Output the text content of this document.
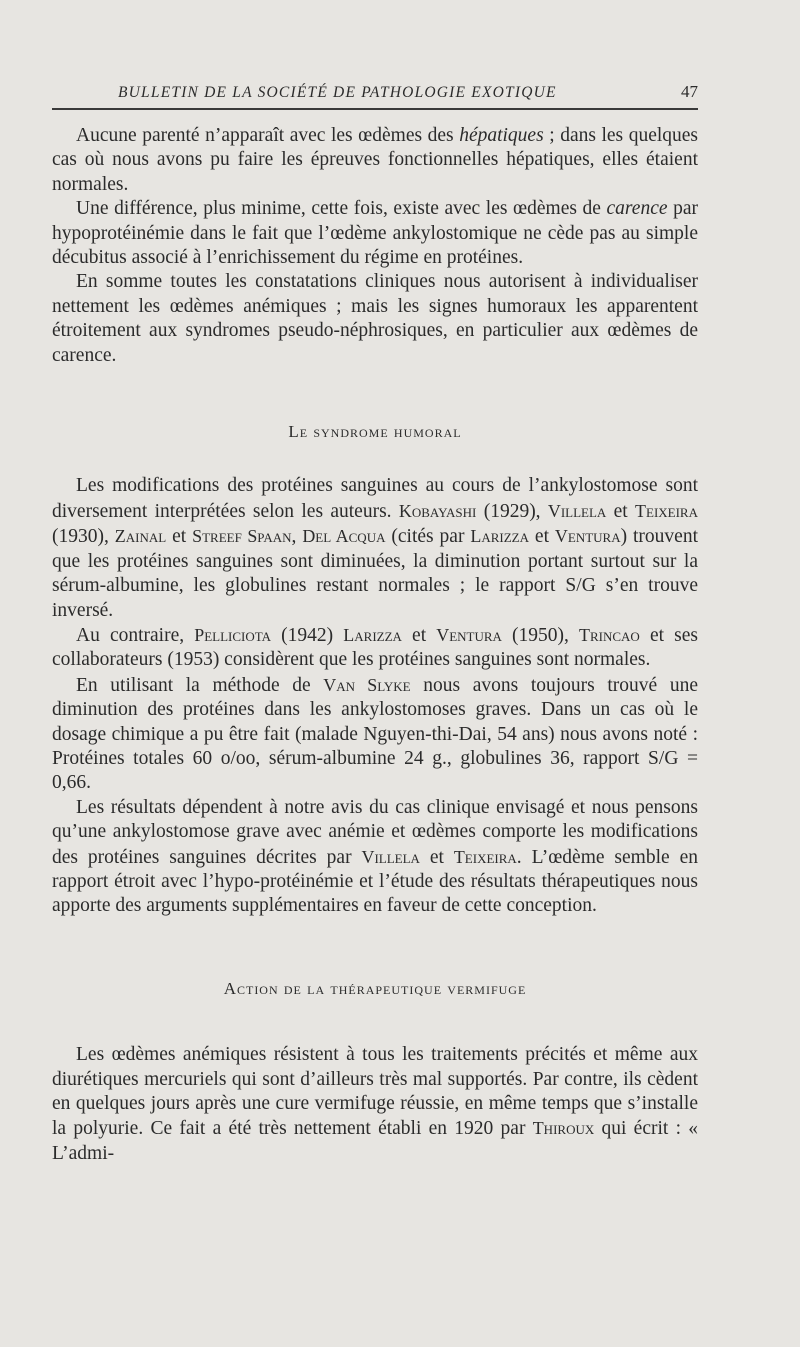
BULLETIN DE LA SOCIÉTÉ DE PATHOLOGIE EXOTIQUE	47

Aucune parenté n’apparaît avec les œdèmes des hépatiques ; dans les quelques cas où nous avons pu faire les épreuves fonctionnelles hépatiques, elles étaient normales.

Une différence, plus minime, cette fois, existe avec les œdèmes de carence par hypoprotéinémie dans le fait que l’œdème ankylostomique ne cède pas au simple décubitus associé à l’enrichissement du régime en protéines.

En somme toutes les constatations cliniques nous autorisent à individualiser nettement les œdèmes anémiques ; mais les signes humoraux les apparentent étroitement aux syndromes pseudo-néphrosiques, en particulier aux œdèmes de carence.

Le syndrome humoral

Les modifications des protéines sanguines au cours de l’ankylostomose sont diversement interprétées selon les auteurs. Kobayashi (1929), Villela et Teixeira (1930), Zainal et Streef Spaan, Del Acqua (cités par Larizza et Ventura) trouvent que les protéines sanguines sont diminuées, la diminution portant surtout sur la sérum-albumine, les globulines restant normales ; le rapport S/G s’en trouve inversé.

Au contraire, Pelliciota (1942) Larizza et Ventura (1950), Trincao et ses collaborateurs (1953) considèrent que les protéines sanguines sont normales.

En utilisant la méthode de Van Slyke nous avons toujours trouvé une diminution des protéines dans les ankylostomoses graves. Dans un cas où le dosage chimique a pu être fait (malade Nguyen-thi-Dai, 54 ans) nous avons noté : Protéines totales 60 o/oo, sérum-albumine 24 g., globulines 36, rapport S/G = 0,66.

Les résultats dépendent à notre avis du cas clinique envisagé et nous pensons qu’une ankylostomose grave avec anémie et œdèmes comporte les modifications des protéines sanguines décrites par Villela et Teixeira. L’œdème semble en rapport étroit avec l’hypo-protéinémie et l’étude des résultats thérapeutiques nous apporte des arguments supplémentaires en faveur de cette conception.

Action de la thérapeutique vermifuge

Les œdèmes anémiques résistent à tous les traitements précités et même aux diurétiques mercuriels qui sont d’ailleurs très mal supportés. Par contre, ils cèdent en quelques jours après une cure vermifuge réussie, en même temps que s’installe la polyurie. Ce fait a été très nettement établi en 1920 par Thiroux qui écrit : « L’admi-
